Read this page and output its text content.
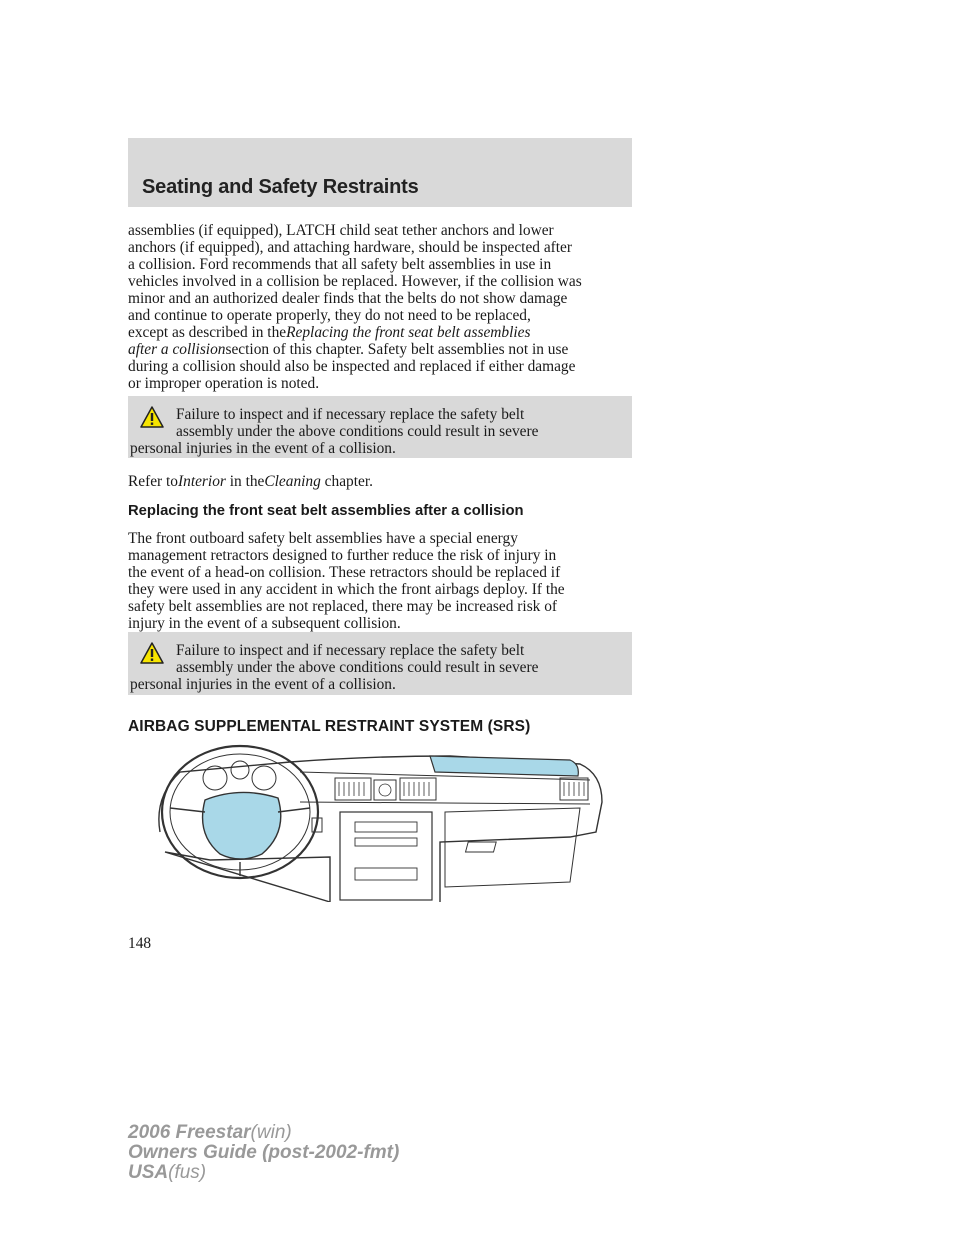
Seating and Safety Restraints

assemblies (if equipped), LATCH child seat tether anchors and lower
anchors (if equipped), and attaching hardware, should be inspected after
a collision. Ford recommends that all safety belt assemblies in use in
vehicles involved in a collision be replaced. However, if the collision was
minor and an authorized dealer finds that the belts do not show damage
and continue to operate properly, they do not need to be replaced,
except as described in theReplacing the front seat belt assemblies
after a collisionsection of this chapter. Safety belt assemblies not in use
during a collision should also be inspected and replaced if either damage
or improper operation is noted.

Failure to inspect and if necessary replace the safety belt
assembly under the above conditions could result in severe
personal injuries in the event of a collision.

Refer toInterior in theCleaning chapter.

Replacing the front seat belt assemblies after a collision

The front outboard safety belt assemblies have a special energy
management retractors designed to further reduce the risk of injury in
the event of a head-on collision. These retractors should be replaced if
they were used in any accident in which the front airbags deploy. If the
safety belt assemblies are not replaced, there may be increased risk of
injury in the event of a subsequent collision.

Failure to inspect and if necessary replace the safety belt
assembly under the above conditions could result in severe
personal injuries in the event of a collision.

AIRBAG SUPPLEMENTAL RESTRAINT SYSTEM (SRS)
148
2006 Freestar(win)
Owners Guide (post-2002-fmt)
USA(fus)
